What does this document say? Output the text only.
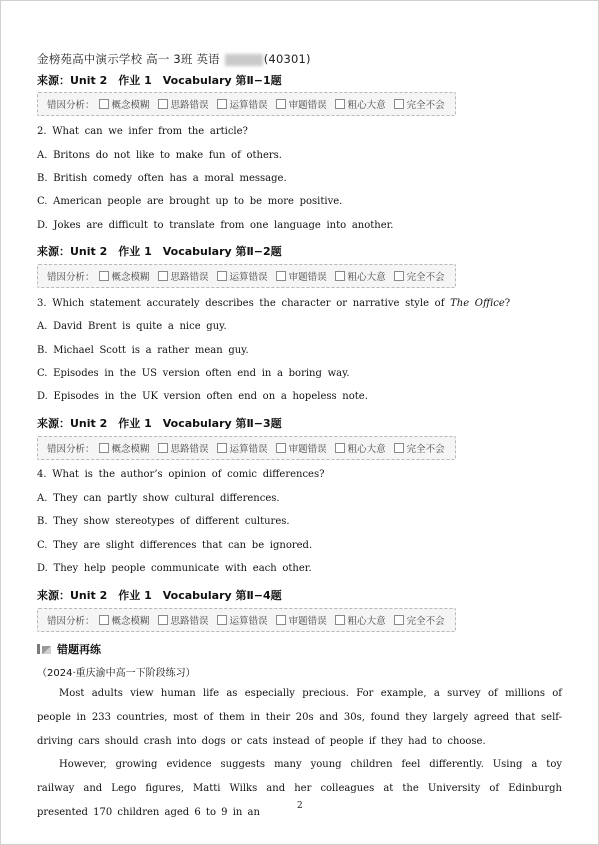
金榜苑高中演示学校 高一 3班 英语	(40301)
来源：Unit 2　作业 1　Vocabulary 第Ⅱ−1题
错因分析： 概念模糊 思路错误 运算错误 审题错误 粗心大意 完全不会
2. What can we infer from the article?
A. Britons do not like to make fun of others.
B. British comedy often has a moral message.
C. American people are brought up to be more positive.
D. Jokes are difficult to translate from one language into another.
来源：Unit 2　作业 1　Vocabulary 第Ⅱ−2题
错因分析： 概念模糊 思路错误 运算错误 审题错误 粗心大意 完全不会
3. Which statement accurately describes the character or narrative style of The Office?
A. David Brent is quite a nice guy.
B. Michael Scott is a rather mean guy.
C. Episodes in the US version often end in a boring way.
D. Episodes in the UK version often end on a hopeless note.
来源：Unit 2　作业 1　Vocabulary 第Ⅱ−3题
错因分析： 概念模糊 思路错误 运算错误 审题错误 粗心大意 完全不会
4. What is the author’s opinion of comic differences?
A. They can partly show cultural differences.
B. They show stereotypes of different cultures.
C. They are slight differences that can be ignored.
D. They help people communicate with each other.
来源：Unit 2　作业 1　Vocabulary 第Ⅱ−4题
错因分析： 概念模糊 思路错误 运算错误 审题错误 粗心大意 完全不会
错题再练
（2024·重庆渝中高一下阶段练习）
Most adults view human life as especially precious. For example, a survey of millions of people in 233 countries, most of them in their 20s and 30s, found they largely agreed that self-driving cars should crash into dogs or cats instead of people if they had to choose.
However, growing evidence suggests many young children feel differently. Using a toy railway and Lego figures, Matti Wilks and her colleagues at the University of Edinburgh presented 170 children aged 6 to 9 in an
2
